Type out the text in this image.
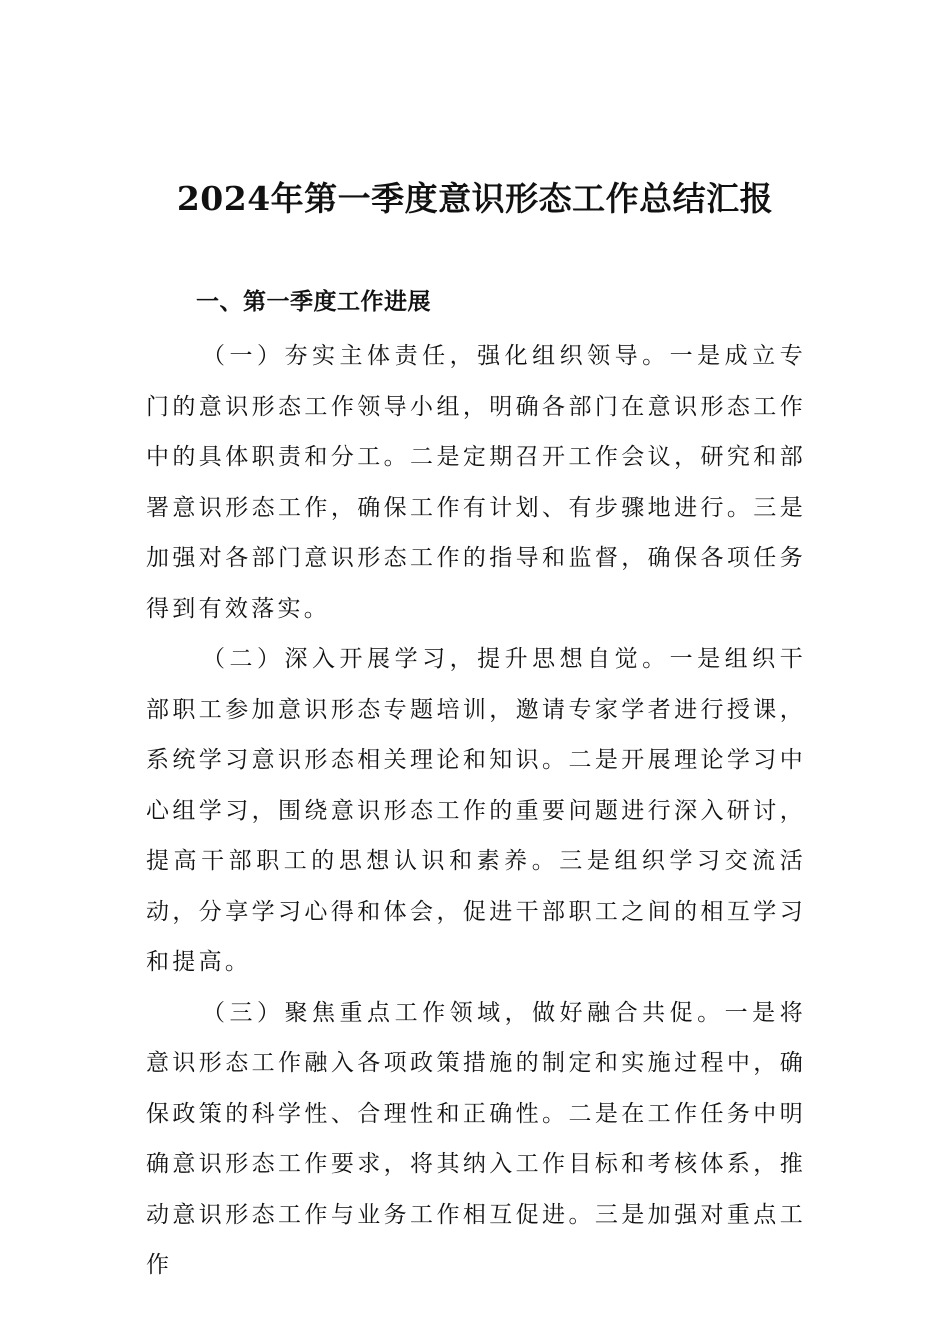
2024年第一季度意识形态工作总结汇报
一、第一季度工作进展

（一）夯实主体责任，强化组织领导。一是成立专门的意识形态工作领导小组，明确各部门在意识形态工作中的具体职责和分工。二是定期召开工作会议，研究和部署意识形态工作，确保工作有计划、有步骤地进行。三是加强对各部门意识形态工作的指导和监督，确保各项任务得到有效落实。

（二）深入开展学习，提升思想自觉。一是组织干部职工参加意识形态专题培训，邀请专家学者进行授课，系统学习意识形态相关理论和知识。二是开展理论学习中心组学习，围绕意识形态工作的重要问题进行深入研讨，提高干部职工的思想认识和素养。三是组织学习交流活动，分享学习心得和体会，促进干部职工之间的相互学习和提高。

（三）聚焦重点工作领域，做好融合共促。一是将意识形态工作融入各项政策措施的制定和实施过程中，确保政策的科学性、合理性和正确性。二是在工作任务中明确意识形态工作要求，将其纳入工作目标和考核体系，推动意识形态工作与业务工作相互促进。三是加强对重点工作
